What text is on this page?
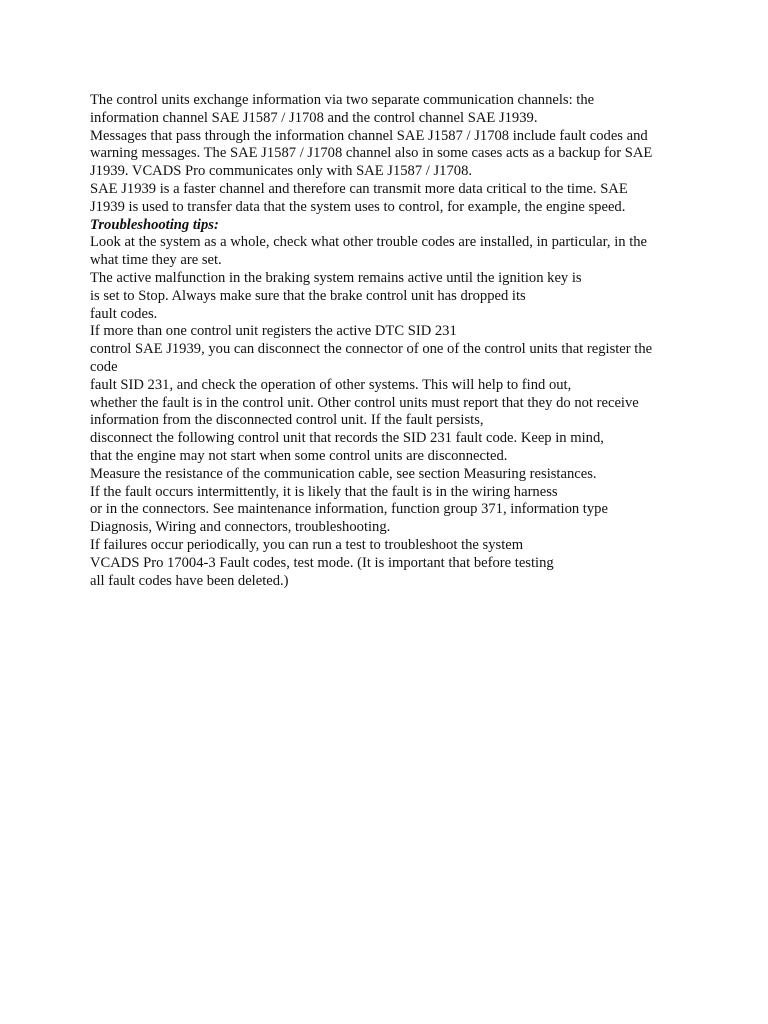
The control units exchange information via two separate communication channels: the
information channel SAE J1587 / J1708 and the control channel SAE J1939.
Messages that pass through the information channel SAE J1587 / J1708 include fault codes and
warning messages. The SAE J1587 / J1708 channel also in some cases acts as a backup for SAE
J1939. VCADS Pro communicates only with SAE J1587 / J1708.
SAE J1939 is a faster channel and therefore can transmit more data critical to the time. SAE
J1939 is used to transfer data that the system uses to control, for example, the engine speed.
Troubleshooting tips:
Look at the system as a whole, check what other trouble codes are installed, in particular, in the
what time they are set.
The active malfunction in the braking system remains active until the ignition key is
is set to Stop. Always make sure that the brake control unit has dropped its
fault codes.
If more than one control unit registers the active DTC SID 231
control SAE J1939, you can disconnect the connector of one of the control units that register the
code
fault SID 231, and check the operation of other systems. This will help to find out,
whether the fault is in the control unit. Other control units must report that they do not receive
information from the disconnected control unit. If the fault persists,
disconnect the following control unit that records the SID 231 fault code. Keep in mind,
that the engine may not start when some control units are disconnected.
Measure the resistance of the communication cable, see section Measuring resistances.
If the fault occurs intermittently, it is likely that the fault is in the wiring harness
or in the connectors. See maintenance information, function group 371, information type
Diagnosis, Wiring and connectors, troubleshooting.
If failures occur periodically, you can run a test to troubleshoot the system
VCADS Pro 17004-3 Fault codes, test mode. (It is important that before testing
all fault codes have been deleted.)
